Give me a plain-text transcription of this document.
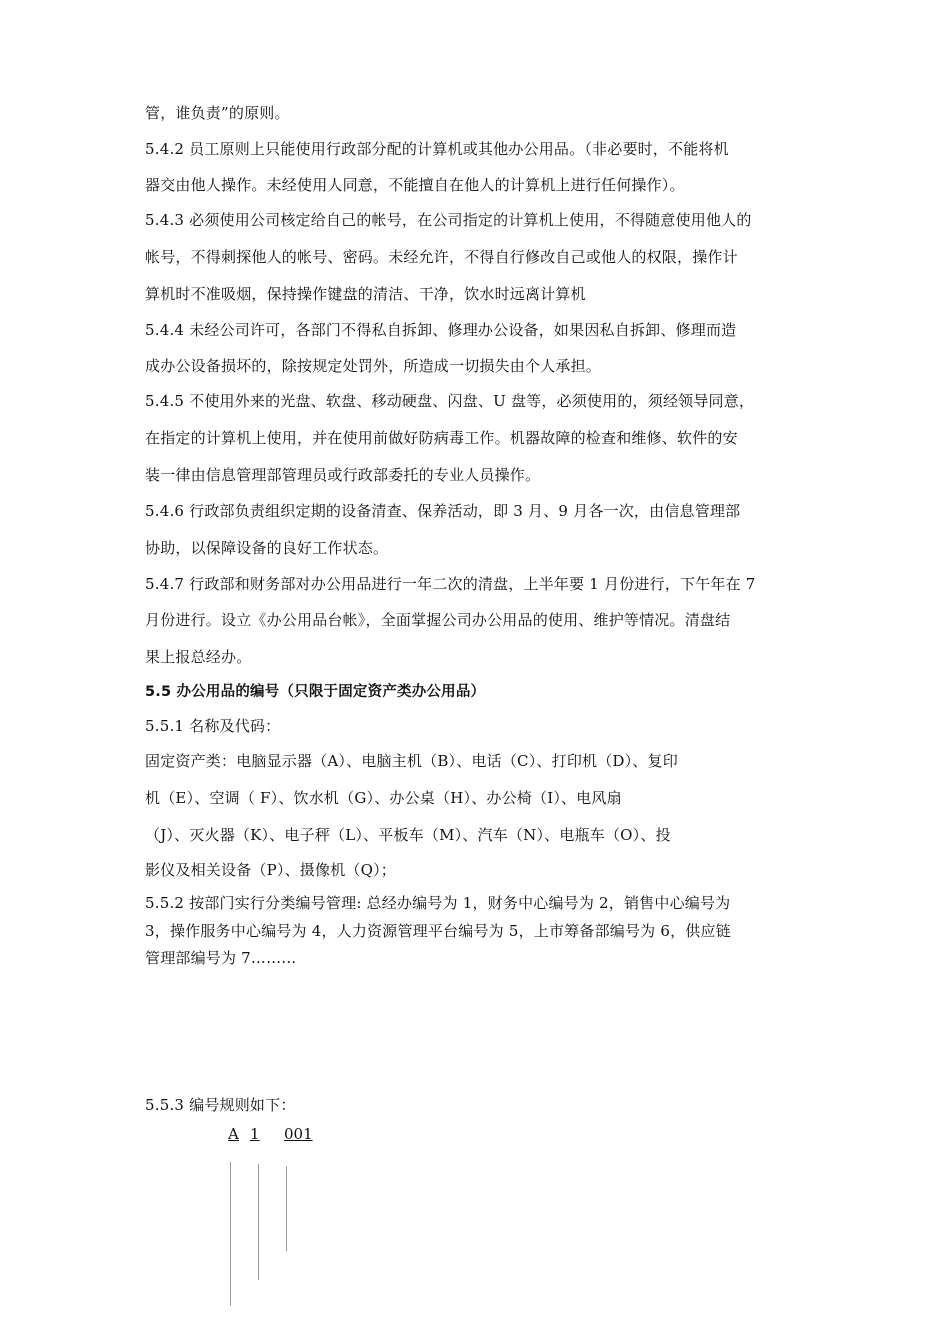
管，谁负责”的原则。
5.4.2 员工原则上只能使用行政部分配的计算机或其他办公用品。（非必要时，不能将机
器交由他人操作。未经使用人同意，不能擅自在他人的计算机上进行任何操作）。
5.4.3 必须使用公司核定给自己的帐号，在公司指定的计算机上使用，不得随意使用他人的
帐号，不得刺探他人的帐号、密码。未经允许，不得自行修改自己或他人的权限，操作计
算机时不准吸烟，保持操作键盘的清洁、干净，饮水时远离计算机
5.4.4 未经公司许可，各部门不得私自拆卸、修理办公设备，如果因私自拆卸、修理而造
成办公设备损坏的，除按规定处罚外，所造成一切损失由个人承担。
5.4.5 不使用外来的光盘、软盘、移动硬盘、闪盘、U 盘等，必须使用的，须经领导同意，
在指定的计算机上使用，并在使用前做好防病毒工作。机器故障的检查和维修、软件的安
装一律由信息管理部管理员或行政部委托的专业人员操作。
5.4.6 行政部负责组织定期的设备清查、保养活动，即 3 月、9 月各一次，由信息管理部
协助，以保障设备的良好工作状态。
5.4.7 行政部和财务部对办公用品进行一年二次的清盘，上半年要 1 月份进行，下午年在 7
月份进行。设立《办公用品台帐》，全面掌握公司办公用品的使用、维护等情况。清盘结
果上报总经办。
5.5 办公用品的编号（只限于固定资产类办公用品）
5.5.1 名称及代码：
固定资产类：电脑显示器（A）、电脑主机（B）、电话（C）、打印机（D）、复印
机（E）、空调（ F）、饮水机（G）、办公桌（H）、办公椅（I）、电风扇
（J）、灭火器（K）、电子秤（L）、平板车（M）、汽车（N）、电瓶车（O）、投
影仪及相关设备（P）、摄像机（Q）；
5.5.2 按部门实行分类编号管理: 总经办编号为 1，财务中心编号为 2，销售中心编号为
3，操作服务中心编号为 4，人力资源管理平台编号为 5，上市筹备部编号为 6，供应链
管理部编号为 7………
5.5.3 编号规则如下：
A 1 001
